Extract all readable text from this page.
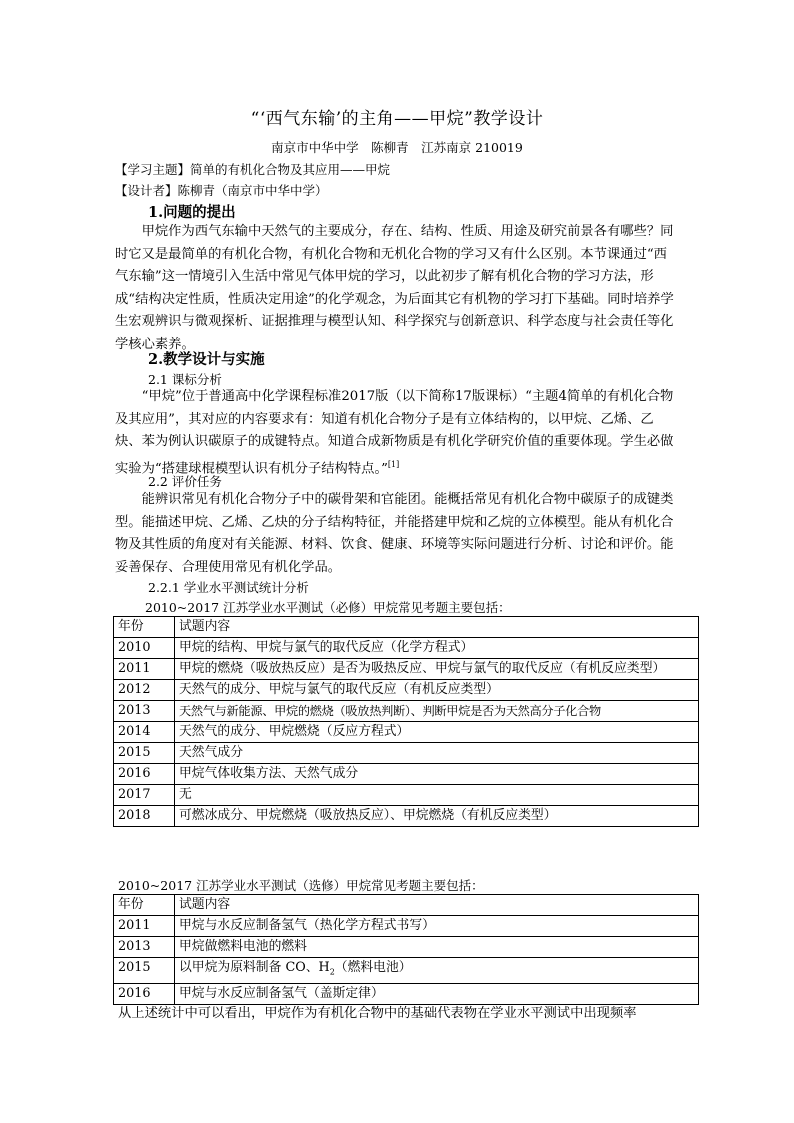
“‘西气东输’的主角——甲烷”教学设计
南京市中华中学　陈柳青　江苏南京 210019
【学习主题】简单的有机化合物及其应用——甲烷
【设计者】陈柳青（南京市中华中学）
1.问题的提出

甲烷作为西气东输中天然气的主要成分，存在、结构、性质、用途及研究前景各有哪些？同时它又是最简单的有机化合物，有机化合物和无机化合物的学习又有什么区别。本节课通过“西气东输”这一情境引入生活中常见气体甲烷的学习，以此初步了解有机化合物的学习方法，形成“结构决定性质，性质决定用途”的化学观念，为后面其它有机物的学习打下基础。同时培养学生宏观辨识与微观探析、证据推理与模型认知、科学探究与创新意识、科学态度与社会责任等化学核心素养。

2.教学设计与实施
2.1 课标分析

“甲烷”位于普通高中化学课程标准2017版（以下简称17版课标）“主题4简单的有机化合物及其应用”，其对应的内容要求有：知道有机化合物分子是有立体结构的，以甲烷、乙烯、乙炔、苯为例认识碳原子的成键特点。知道合成新物质是有机化学研究价值的重要体现。学生必做实验为“搭建球棍模型认识有机分子结构特点。”[1]

2.2 评价任务

能辨识常见有机化合物分子中的碳骨架和官能团。能概括常见有机化合物中碳原子的成键类型。能描述甲烷、乙烯、乙炔的分子结构特征，并能搭建甲烷和乙烷的立体模型。能从有机化合物及其性质的角度对有关能源、材料、饮食、健康、环境等实际问题进行分析、讨论和评价。能妥善保存、合理使用常见有机化学品。

2.2.1 学业水平测试统计分析
2010~2017 江苏学业水平测试（必修）甲烷常见考题主要包括：
年份	试题内容
2010	甲烷的结构、甲烷与氯气的取代反应（化学方程式）
2011	甲烷的燃烧（吸放热反应）是否为吸热反应、甲烷与氯气的取代反应（有机反应类型）
2012	天然气的成分、甲烷与氯气的取代反应（有机反应类型）
2013	天然气与新能源、甲烷的燃烧（吸放热判断）、判断甲烷是否为天然高分子化合物
2014	天然气的成分、甲烷燃烧（反应方程式）
2015	天然气成分
2016	甲烷气体收集方法、天然气成分
2017	无
2018	可燃冰成分、甲烷燃烧（吸放热反应）、甲烷燃烧（有机反应类型）
2010~2017 江苏学业水平测试（选修）甲烷常见考题主要包括：
年份	试题内容
2011	甲烷与水反应制备氢气（热化学方程式书写）
2013	甲烷做燃料电池的燃料
2015	以甲烷为原料制备 CO、$H_2$（燃料电池）
2016	甲烷与水反应制备氢气（盖斯定律）
从上述统计中可以看出，甲烷作为有机化合物中的基础代表物在学业水平测试中出现频率
